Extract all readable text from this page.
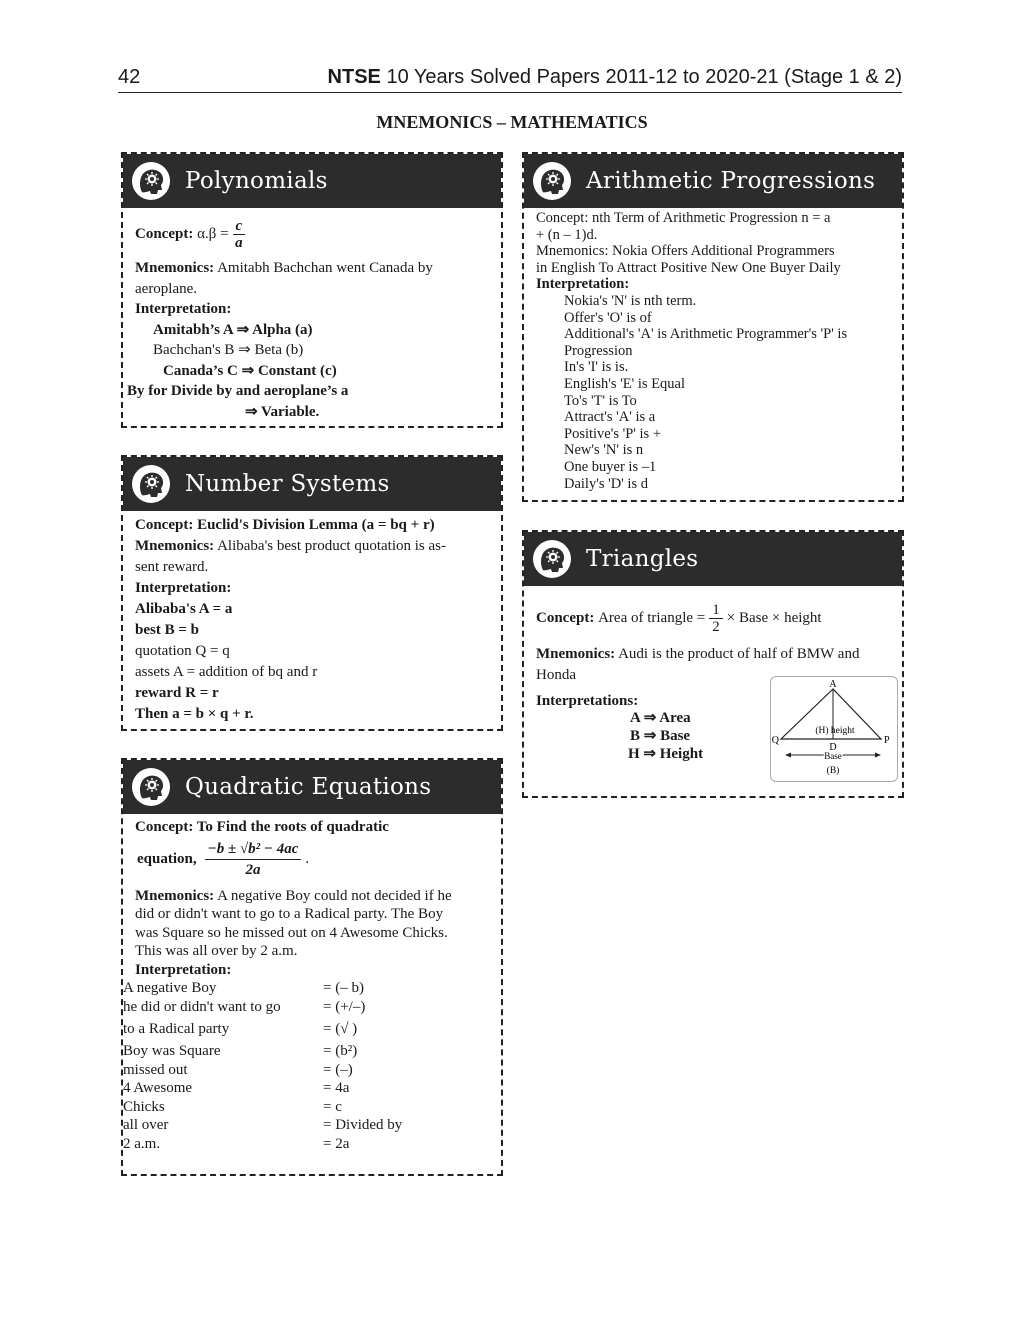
42	NTSE 10 Years Solved Papers 2011-12 to 2020-21 (Stage 1 & 2)
MNEMONICS – MATHEMATICS
Polynomials
Concept:
$\alpha.\beta = \frac{c}{a}$
Mnemonics: Amitabh Bachchan went Canada by
aeroplane.
Interpretation:
Amitabh’s A ⇒ Alpha (a)
Bachchan's B ⇒ Beta (b)
Canada’s C ⇒ Constant (c)
By for Divide by and aeroplane’s a
⇒ Variable.
Number Systems
Concept: Euclid's Division Lemma (a = bq + r)
Mnemonics: Alibaba's best product quotation is as-
sent reward.
Interpretation:
Alibaba's A = a
best B = b
quotation Q = q
assets A = addition of bq and r
reward R = r
Then a = b × q + r.
Quadratic Equations
Concept: To Find the roots of quadratic
equation, $\frac{\text{−b ± √b² − 4ac}}{2a}$ .
Mnemonics: A negative Boy could not decided if he
did or didn't want to go to a Radical party. The Boy
was Square so he missed out on 4 Awesome Chicks.
This was all over by 2 a.m.
Interpretation:
A negative Boy	= (– b)
he did or didn't want to go	= (+/–)
to a Radical party	= (√ )
Boy was Square	= (b²)
missed out	= (–)
4 Awesome	= 4a
Chicks	= c
all over	= Divided by
2 a.m.	= 2a
Arithmetic Progressions
Concept: nth Term of Arithmetic Progression n = a
+ (n – 1)d.
Mnemonics: Nokia Offers Additional Programmers
in English To Attract Positive New One Buyer Daily
Interpretation:
Nokia's 'N' is nth term.
Offer's 'O' is of
Additional's 'A' is Arithmetic Programmer's 'P' is
Progression
In's 'I' is is.
English's 'E' is Equal
To's 'T' is To
Attract's 'A' is a
Positive's 'P' is +
New's 'N' is n
One buyer is –1
Daily's 'D' is d
Triangles
Concept:
Area of triangle = $\frac{1}{2}$ × Base × height
Mnemonics: Audi is the product of half of BMW and
Honda
Interpretations:
A ⇒ Area
B ⇒ Base
H ⇒ Height
A
Q	P
D
(H) height
Base
(B)
